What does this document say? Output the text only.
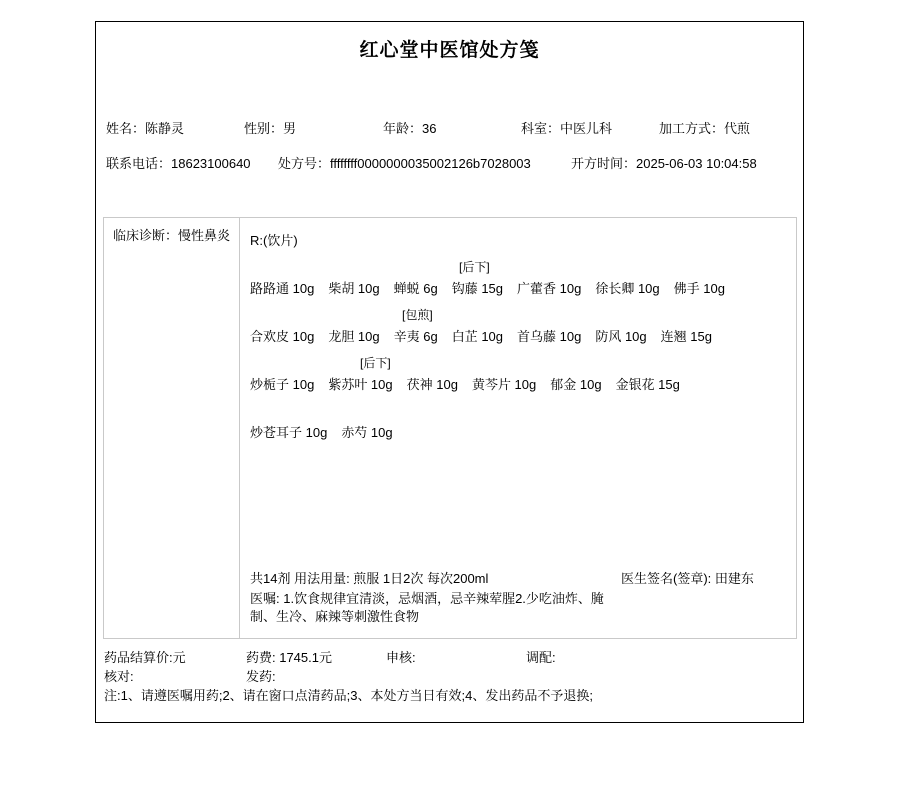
红心堂中医馆处方笺
姓名：陈静灵	性别：男	年龄：36	科室：中医儿科	加工方式：代煎
联系电话：18623100640 处方号：ffffffff0000000035002126b7028003	开方时间：2025-06-03 10:04:58
临床诊断：慢性鼻炎	R:(饮片)
[后下]
路路通 10g 柴胡 10g 蝉蜕 6g 钩藤 15g 广藿香 10g 徐长卿 10g 佛手 10g
[包煎]
合欢皮 10g 龙胆 10g 辛夷 6g 白芷 10g 首乌藤 10g 防风 10g 连翘 15g
[后下]
炒栀子 10g 紫苏叶 10g 茯神 10g 黄芩片 10g 郁金 10g 金银花 15g
炒苍耳子 10g 赤芍 10g
共14剂 用法用量: 煎服 1日2次 每次200ml
医嘱: 1.饮食规律宜清淡，忌烟酒，忌辛辣荤腥2.少吃油炸、腌制、生冷、麻辣等刺激性食物
医生签名(签章): 田建东
药品结算价:元	药费: 1745.1元	申核:	调配:
核对:	发药:
注:1、请遵医嘱用药;2、请在窗口点清药品;3、本处方当日有效;4、发出药品不予退换;
